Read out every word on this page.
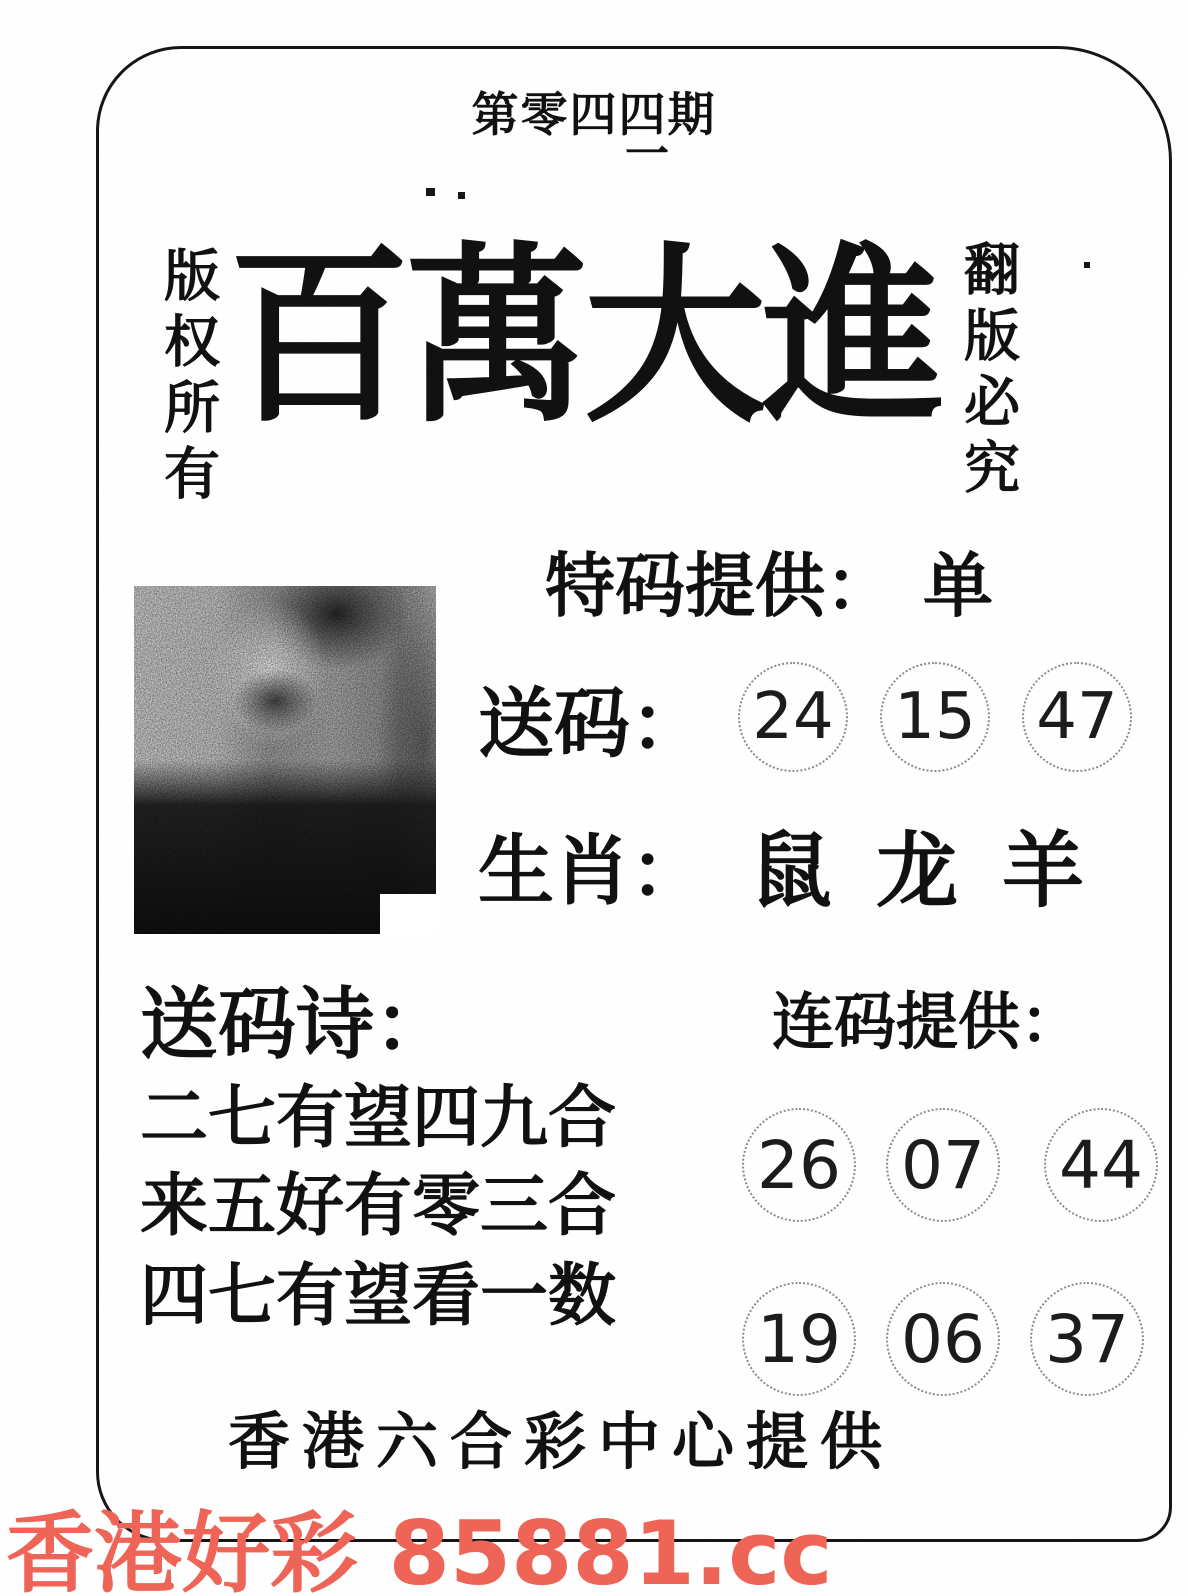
第零四四期
一
版权所有	翻版必究
百萬大進
特码提供： 单
送码： 24 15 47
生肖： 鼠 龙 羊
送码诗：
二七有望四九合
来五好有零三合
四七有望看一数
连码提供：
26 07 44
19 06 37
香港六合彩中心提供
香港好彩 85881.cc
